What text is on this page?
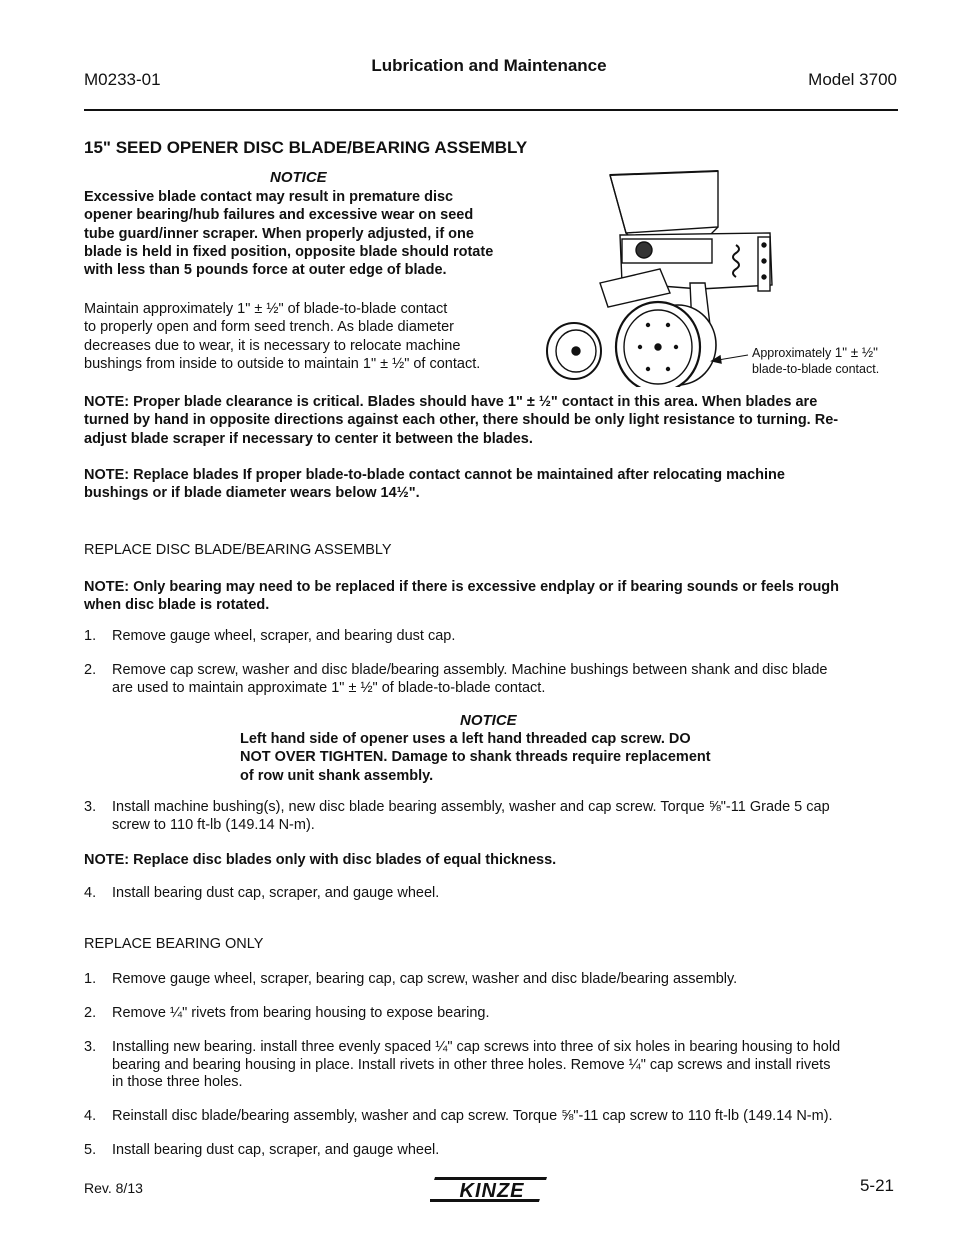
M0233-01
Lubrication and Maintenance
Model 3700
15" SEED OPENER DISC BLADE/BEARING ASSEMBLY
NOTICE
Excessive blade contact may result in premature disc
opener bearing/hub failures and excessive wear on seed
tube guard/inner scraper. When properly adjusted, if one
blade is held in fixed position, opposite blade should rotate
with less than 5 pounds force at outer edge of blade.
Maintain approximately 1" ± ½" of blade-to-blade contact
to properly open and form seed trench. As blade diameter
decreases due to wear, it is necessary to relocate machine
bushings from inside to outside to maintain 1" ± ½" of contact.
Approximately 1" ± ½"
blade-to-blade contact.
NOTE: Proper blade clearance is critical. Blades should have 1" ± ½" contact in this area. When blades are
turned by hand in opposite directions against each other, there should be only light resistance to turning. Re-
adjust blade scraper if necessary to center it between the blades.
NOTE: Replace blades If proper blade-to-blade contact cannot be maintained after relocating machine
bushings or if blade diameter wears below 14½".
REPLACE DISC BLADE/BEARING ASSEMBLY
NOTE: Only bearing may need to be replaced if there is excessive endplay or if bearing sounds or feels rough
when disc blade is rotated.
1. Remove gauge wheel, scraper, and bearing dust cap.
2. Remove cap screw, washer and disc blade/bearing assembly. Machine bushings between shank and disc blade
are used to maintain approximate 1" ± ½" of blade-to-blade contact.
NOTICE
Left hand side of opener uses a left hand threaded cap screw. DO
NOT OVER TIGHTEN. Damage to shank threads require replacement
of row unit shank assembly.
3. Install machine bushing(s), new disc blade bearing assembly, washer and cap screw. Torque ⅝"-11 Grade 5 cap
screw to 110 ft-lb (149.14 N-m).
NOTE: Replace disc blades only with disc blades of equal thickness.
4. Install bearing dust cap, scraper, and gauge wheel.
REPLACE BEARING ONLY
1. Remove gauge wheel, scraper, bearing cap, cap screw, washer and disc blade/bearing assembly.
2. Remove ¼" rivets from bearing housing to expose bearing.
3. Installing new bearing. install three evenly spaced ¼" cap screws into three of six holes in bearing housing to hold
bearing and bearing housing in place. Install rivets in other three holes. Remove ¼" cap screws and install rivets
in those three holes.
4. Reinstall disc blade/bearing assembly, washer and cap screw. Torque ⅝"-11 cap screw to 110 ft-lb (149.14 N-m).
5. Install bearing dust cap, scraper, and gauge wheel.
Rev. 8/13	KINZE	5-21
